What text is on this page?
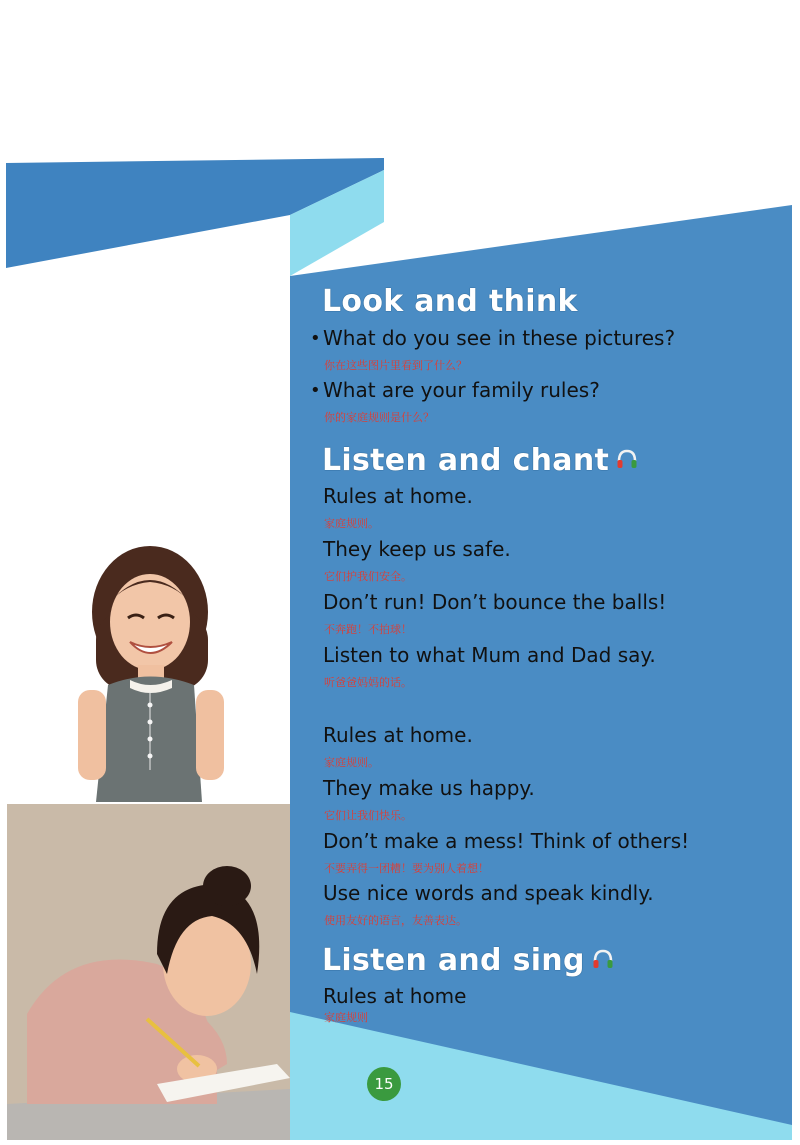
Look and think
• What do you see in these pictures?
你在这些图片里看到了什么？
• What are your family rules?
你的家庭规则是什么？
Listen and chant
Rules at home.
家庭规则。
They keep us safe.
它们护我们安全。
Don’t run! Don’t bounce the balls!
不奔跑！不拍球！
Listen to what Mum and Dad say.
听爸爸妈妈的话。
Rules at home.
家庭规则。
They make us happy.
它们让我们快乐。
Don’t make a mess! Think of others!
不要弄得一团糟！要为别人着想！
Use nice words and speak kindly.
使用友好的语言，友善表达。
Listen and sing
Rules at home
家庭规则
15
